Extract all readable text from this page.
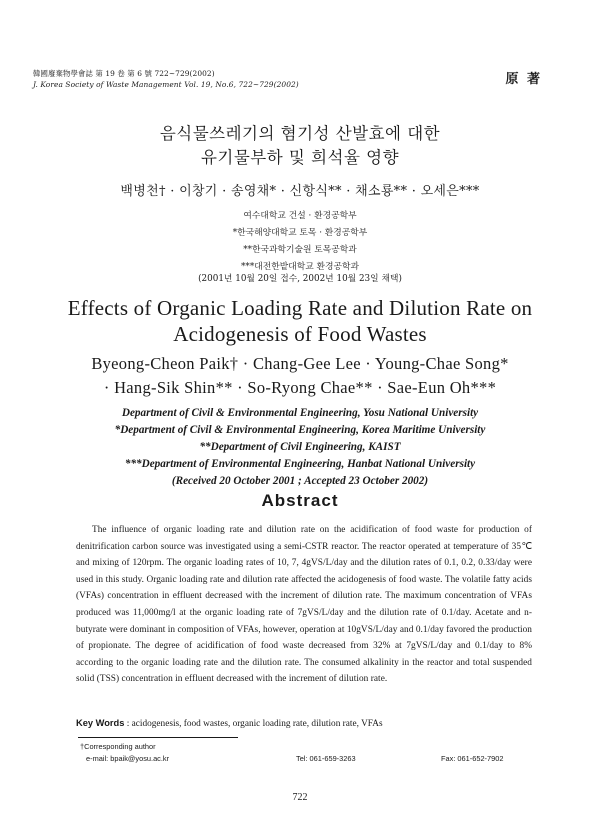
韓國廢棄物學會誌 第 19 卷 第 6 號 722~729(2002)
J. Korea Society of Waste Management Vol. 19, No.6, 722~729(2002)	原 著
음식물쓰레기의 혐기성 산발효에 대한
유기물부하 및 희석율 영향
백병천† · 이창기 · 송영채* · 신항식** · 채소룡** · 오세은***
여수대학교 건설 · 환경공학부
*한국해양대학교 토목 · 환경공학부
**한국과학기술원 토목공학과
***대전한밭대학교 환경공학과
(2001년 10월 20일 접수, 2002년 10월 23일 채택)
Effects of Organic Loading Rate and Dilution Rate on
Acidogenesis of Food Wastes
Byeong-Cheon Paik† · Chang-Gee Lee · Young-Chae Song*
· Hang-Sik Shin** · So-Ryong Chae** · Sae-Eun Oh***
Department of Civil & Environmental Engineering, Yosu National University
*Department of Civil & Environmental Engineering, Korea Maritime University
**Department of Civil Engineering, KAIST
***Department of Environmental Engineering, Hanbat National University
(Received 20 October 2001 ; Accepted 23 October 2002)
Abstract
The influence of organic loading rate and dilution rate on the acidification of food waste for production of denitrification carbon source was investigated using a semi-CSTR reactor. The reactor operated at temperature of 35℃ and mixing of 120rpm. The organic loading rates of 10, 7, 4gVS/L/day and the dilution rates of 0.1, 0.2, 0.33/day were used in this study. Organic loading rate and dilution rate affected the acidogenesis of food waste. The volatile fatty acids (VFAs) concentration in effluent decreased with the increment of dilution rate. The maximum concentration of VFAs produced was 11,000mg/l at the organic loading rate of 7gVS/L/day and the dilution rate of 0.1/day. Acetate and n-butyrate were dominant in composition of VFAs, however, operation at 10gVS/L/day and 0.1/day favored the production of propionate. The degree of acidification of food waste decreased from 32% at 7gVS/L/day and 0.1/day to 8% according to the organic loading rate and the dilution rate. The consumed alkalinity in the reactor and total suspended solid (TSS) concentration in effluent decreased with the increment of dilution rate.
Key Words : acidogenesis, food wastes, organic loading rate, dilution rate, VFAs
†Corresponding author
e-mail: bpaik@yosu.ac.kr	Tel: 061-659-3263	Fax: 061-652-7902
722
